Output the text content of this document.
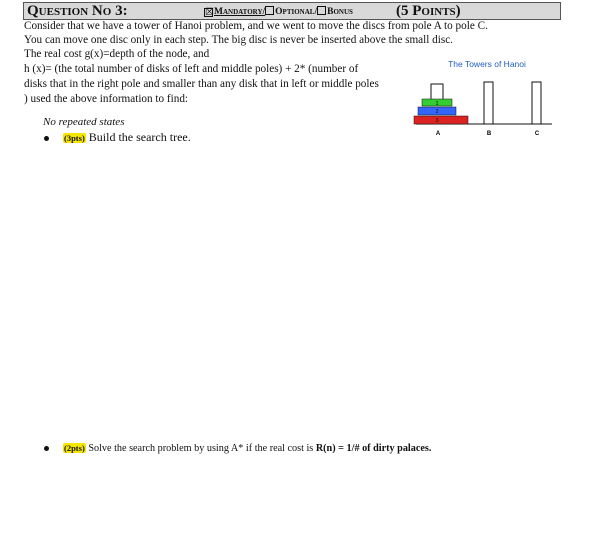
Question No 3:	☒Mandatory/ Optional/ Bonus	(5 Points)
Consider that we have a tower of Hanoi problem, and we went to move the discs from pole A to pole C.
You can move one disc only in each step. The big disc is never be inserted above the small disc.
The real cost g(x)=depth of the node, and
h (x)= (the total number of disks of left and middle poles) + 2* (number of
disks that in the right pole and smaller than any disk that in left or middle poles
) used the above information to find:
The Towers of Hanoi
1
2
3
A	B	C
No repeated states
(3pts) Build the search tree.
(2pts) Solve the search problem by using A* if the real cost is R(n) = 1/# of dirty palaces.
